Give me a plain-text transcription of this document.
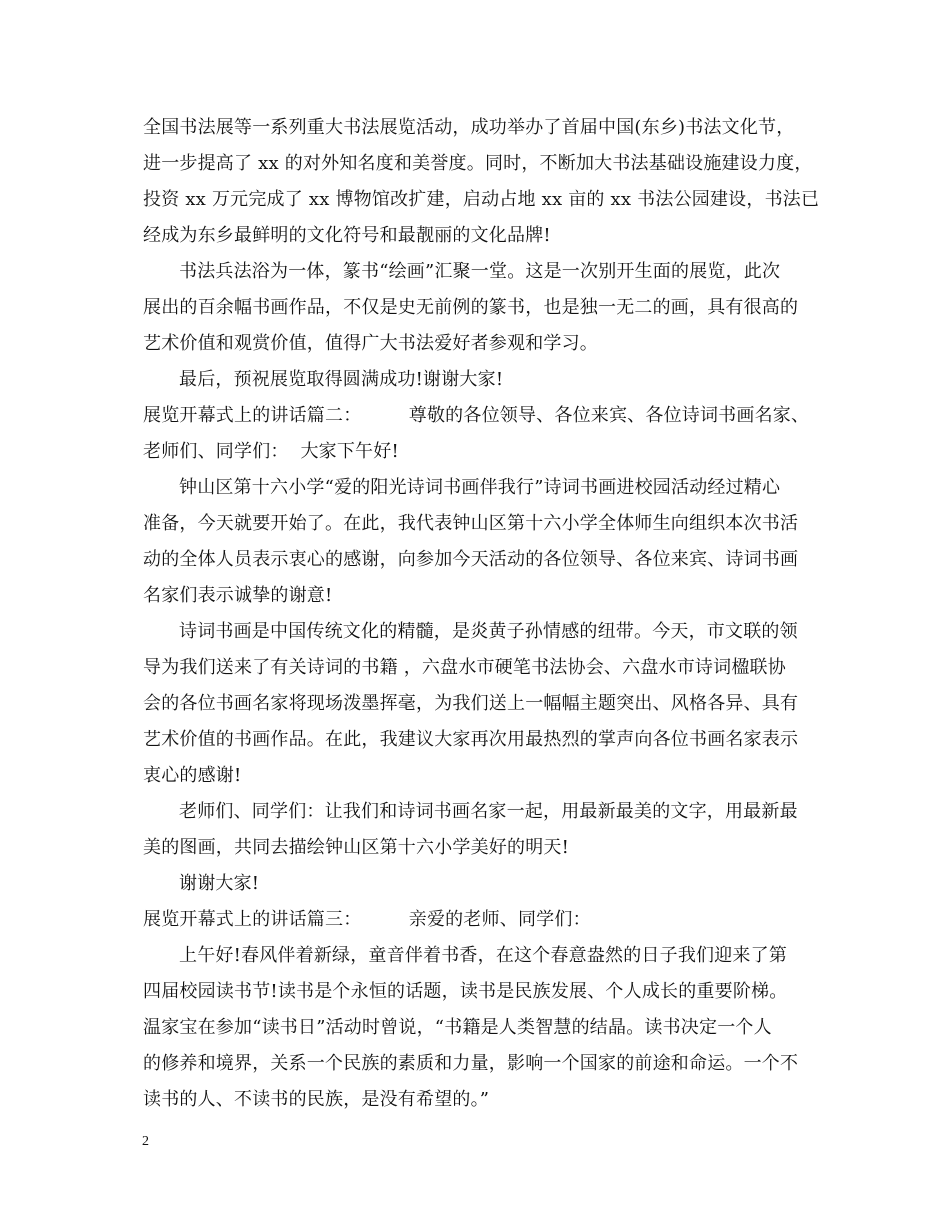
全国书法展等一系列重大书法展览活动，成功举办了首届中国(东乡)书法文化节，
进一步提高了 xx 的对外知名度和美誉度。同时，不断加大书法基础设施建设力度，
投资 xx 万元完成了 xx 博物馆改扩建，启动占地 xx 亩的 xx 书法公园建设，书法已
经成为东乡最鲜明的文化符号和最靓丽的文化品牌!
书法兵法浴为一体，篆书“绘画”汇聚一堂。这是一次别开生面的展览，此次
展出的百余幅书画作品，不仅是史无前例的篆书，也是独一无二的画，具有很高的
艺术价值和观赏价值，值得广大书法爱好者参观和学习。
最后，预祝展览取得圆满成功!谢谢大家!
展览开幕式上的讲话篇二：        尊敬的各位领导、各位来宾、各位诗词书画名家、
老师们、同学们：  大家下午好!
钟山区第十六小学“爱的阳光诗词书画伴我行”诗词书画进校园活动经过精心
准备，今天就要开始了。在此，我代表钟山区第十六小学全体师生向组织本次书活
动的全体人员表示衷心的感谢，向参加今天活动的各位领导、各位来宾、诗词书画
名家们表示诚挚的谢意!
诗词书画是中国传统文化的精髓，是炎黄子孙情感的纽带。今天，市文联的领
导为我们送来了有关诗词的书籍 ，六盘水市硬笔书法协会、六盘水市诗词楹联协
会的各位书画名家将现场泼墨挥毫，为我们送上一幅幅主题突出、风格各异、具有
艺术价值的书画作品。在此，我建议大家再次用最热烈的掌声向各位书画名家表示
衷心的感谢!
老师们、同学们：让我们和诗词书画名家一起，用最新最美的文字，用最新最
美的图画，共同去描绘钟山区第十六小学美好的明天!
谢谢大家!
展览开幕式上的讲话篇三：        亲爱的老师、同学们：
上午好!春风伴着新绿，童音伴着书香，在这个春意盎然的日子我们迎来了第
四届校园读书节!读书是个永恒的话题，读书是民族发展、个人成长的重要阶梯。
温家宝在参加“读书日”活动时曾说，“书籍是人类智慧的结晶。读书决定一个人
的修养和境界，关系一个民族的素质和力量，影响一个国家的前途和命运。一个不
读书的人、不读书的民族，是没有希望的。”
2
